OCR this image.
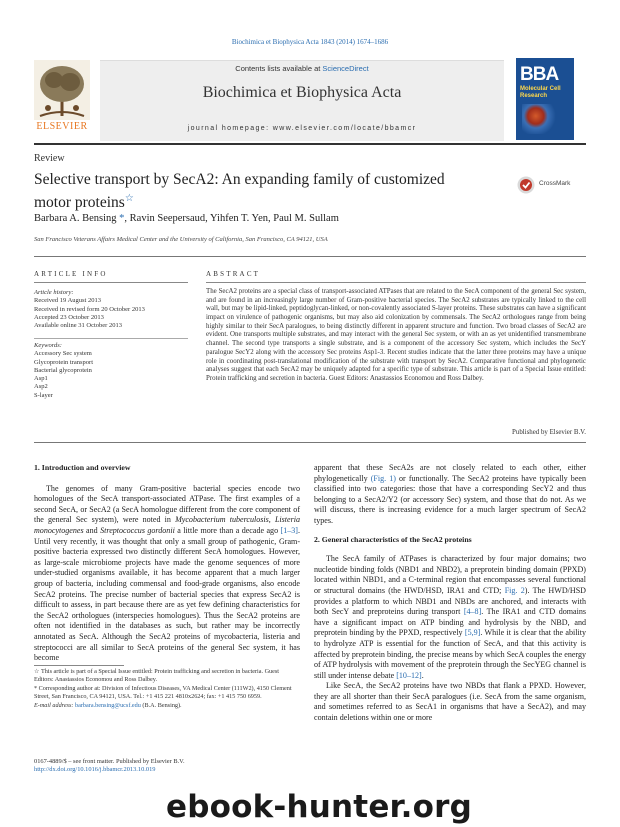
Biochimica et Biophysica Acta 1843 (2014) 1674–1686
ELSEVIER
Contents lists available at ScienceDirect
Biochimica et Biophysica Acta
journal homepage: www.elsevier.com/locate/bbamcr
BBA
Molecular Cell Research
Review
Selective transport by SecA2: An expanding family of customized motor proteins☆
CrossMark
Barbara A. Bensing *, Ravin Seepersaud, Yihfen T. Yen, Paul M. Sullam
San Francisco Veterans Affairs Medical Center and the University of California, San Francisco, CA 94121, USA
ARTICLE INFO	ABSTRACT
Article history:
Received 19 August 2013
Received in revised form 20 October 2013
Accepted 23 October 2013
Available online 31 October 2013
Keywords:
Accessory Sec system
Glycoprotein transport
Bacterial glycoprotein
Asp1
Asp2
S-layer
The SecA2 proteins are a special class of transport-associated ATPases that are related to the SecA component of the general Sec system, and are found in an increasingly large number of Gram-positive bacterial species. The SecA2 substrates are typically linked to the cell wall, but may be lipid-linked, peptidoglycan-linked, or non-covalently associated S-layer proteins. These substrates can have a significant impact on virulence of pathogenic organisms, but may also aid colonization by commensals. The SecA2 orthologues range from being highly similar to their SecA paralogues, to being distinctly different in apparent structure and function. Two broad classes of SecA2 are evident. One transports multiple substrates, and may interact with the general Sec system, or with an as yet unidentified transmembrane channel. The second type transports a single substrate, and is a component of the accessory Sec system, which includes the SecY paralogue SecY2 along with the accessory Sec proteins Asp1-3. Recent studies indicate that the latter three proteins may have a unique role in coordinating post-translational modification of the substrate with transport by SecA2. Comparative functional and phylogenetic analyses suggest that each SecA2 may be uniquely adapted for a specific type of substrate. This article is part of a Special Issue entitled: Protein trafficking and secretion in bacteria. Guest Editors: Anastassios Economou and Ross Dalbey.
Published by Elsevier B.V.
1. Introduction and overview

The genomes of many Gram-positive bacterial species encode two homologues of the SecA transport-associated ATPase. The first examples of a second SecA, or SecA2 (a SecA homologue different from the core component of the general Sec system), were noted in Mycobacterium tuberculosis, Listeria monocytogenes and Streptococcus gordonii a little more than a decade ago [1–3]. Until very recently, it was thought that only a small group of pathogenic, Gram-positive bacteria expressed two distinctly different SecA homologues. However, as large-scale microbiome projects have made the genome sequences of more under-studied organisms available, it has become apparent that a much larger group of bacteria, including commensal and food-grade organisms, also encode SecA2 proteins. The precise number of bacterial species that express SecA2 is difficult to assess, in part because there are as yet few defining characteristics for the SecA2 orthologues (interspecies homologues). Thus the SecA2 proteins are often not identified in the databases as such, but rather may be incorrectly annotated as SecA. Although the SecA2 proteins of mycobacteria, listeria and streptococci are all similar to SecA proteins of the general Sec system, it has become

apparent that these SecA2s are not closely related to each other, either phylogenetically (Fig. 1) or functionally. The SecA2 proteins have typically been classified into two categories: those that have a corresponding SecY2 and thus belonging to a SecA2/Y2 (or accessory Sec) system, and those that do not. As we will discuss, there is increasing evidence for a much larger spectrum of SecA2 types.

2. General characteristics of the SecA2 proteins

The SecA family of ATPases is characterized by four major domains; two nucleotide binding folds (NBD1 and NBD2), a preprotein binding domain (PPXD) located within NBD1, and a C-terminal region that encompasses several functional or structural domains (the HWD/HSD, IRA1 and CTD; Fig. 2). The HWD/HSD provides a platform to which NBD1 and NBDs are anchored, and interacts with both SecY and preproteins during transport [4–8]. The IRA1 and CTD domains have a significant impact on ATP binding and hydrolysis by the NBD, and preprotein binding by the PPXD, respectively [5,9]. While it is clear that the ability to hydrolyze ATP is essential for the function of SecA, and that this activity is affected by preprotein binding, the precise means by which SecA couples the energy of ATP hydrolysis with movement of the preprotein through the SecYEG channel is still under intense debate [10–12].

Like SecA, the SecA2 proteins have two NBDs that flank a PPXD. However, they are all shorter than their SecA paralogues (i.e. SecA from the same organism, and sometimes referred to as SecA1 in organisms that have a SecA2), and may contain deletions within one or more

☆ This article is part of a Special Issue entitled: Protein trafficking and secretion in bacteria. Guest Editors: Anastassios Economou and Ross Dalbey.

* Corresponding author at: Division of Infectious Diseases, VA Medical Center (111W2), 4150 Clement Street, San Francisco, CA 94121, USA. Tel.: +1 415 221 4810x2624; fax: +1 415 750 6959.

E-mail address: barbara.bensing@ucsf.edu (B.A. Bensing).

0167-4889/$ – see front matter. Published by Elsevier B.V.
http://dx.doi.org/10.1016/j.bbamcr.2013.10.019
ebook-hunter.org
